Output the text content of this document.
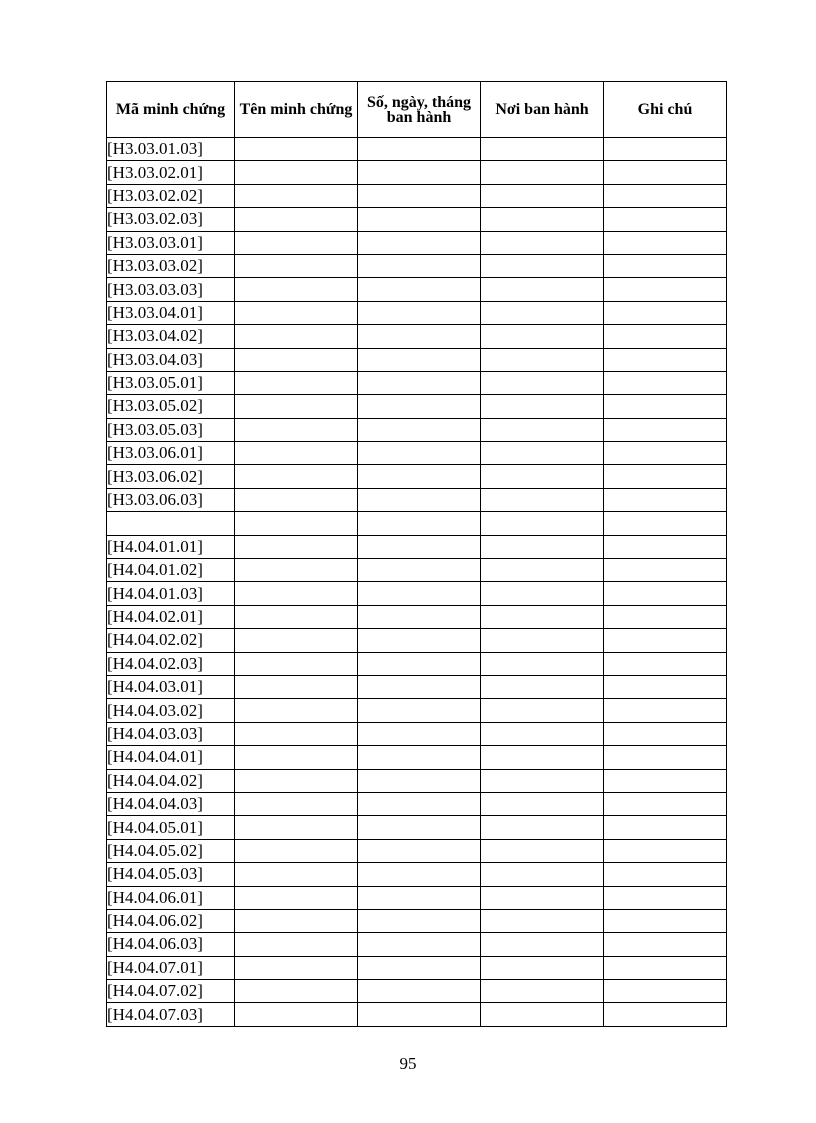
Mã minh chứng	Tên minh chứng	Số, ngày, tháng ban hành	Nơi ban hành	Ghi chú
[H3.03.01.03]				
[H3.03.02.01]				
[H3.03.02.02]				
[H3.03.02.03]				
[H3.03.03.01]				
[H3.03.03.02]				
[H3.03.03.03]				
[H3.03.04.01]				
[H3.03.04.02]				
[H3.03.04.03]				
[H3.03.05.01]				
[H3.03.05.02]				
[H3.03.05.03]				
[H3.03.06.01]				
[H3.03.06.02]				
[H3.03.06.03]				

[H4.04.01.01]				
[H4.04.01.02]				
[H4.04.01.03]				
[H4.04.02.01]				
[H4.04.02.02]				
[H4.04.02.03]				
[H4.04.03.01]				
[H4.04.03.02]				
[H4.04.03.03]				
[H4.04.04.01]				
[H4.04.04.02]				
[H4.04.04.03]				
[H4.04.05.01]				
[H4.04.05.02]				
[H4.04.05.03]				
[H4.04.06.01]				
[H4.04.06.02]				
[H4.04.06.03]				
[H4.04.07.01]				
[H4.04.07.02]				
[H4.04.07.03]				
95
